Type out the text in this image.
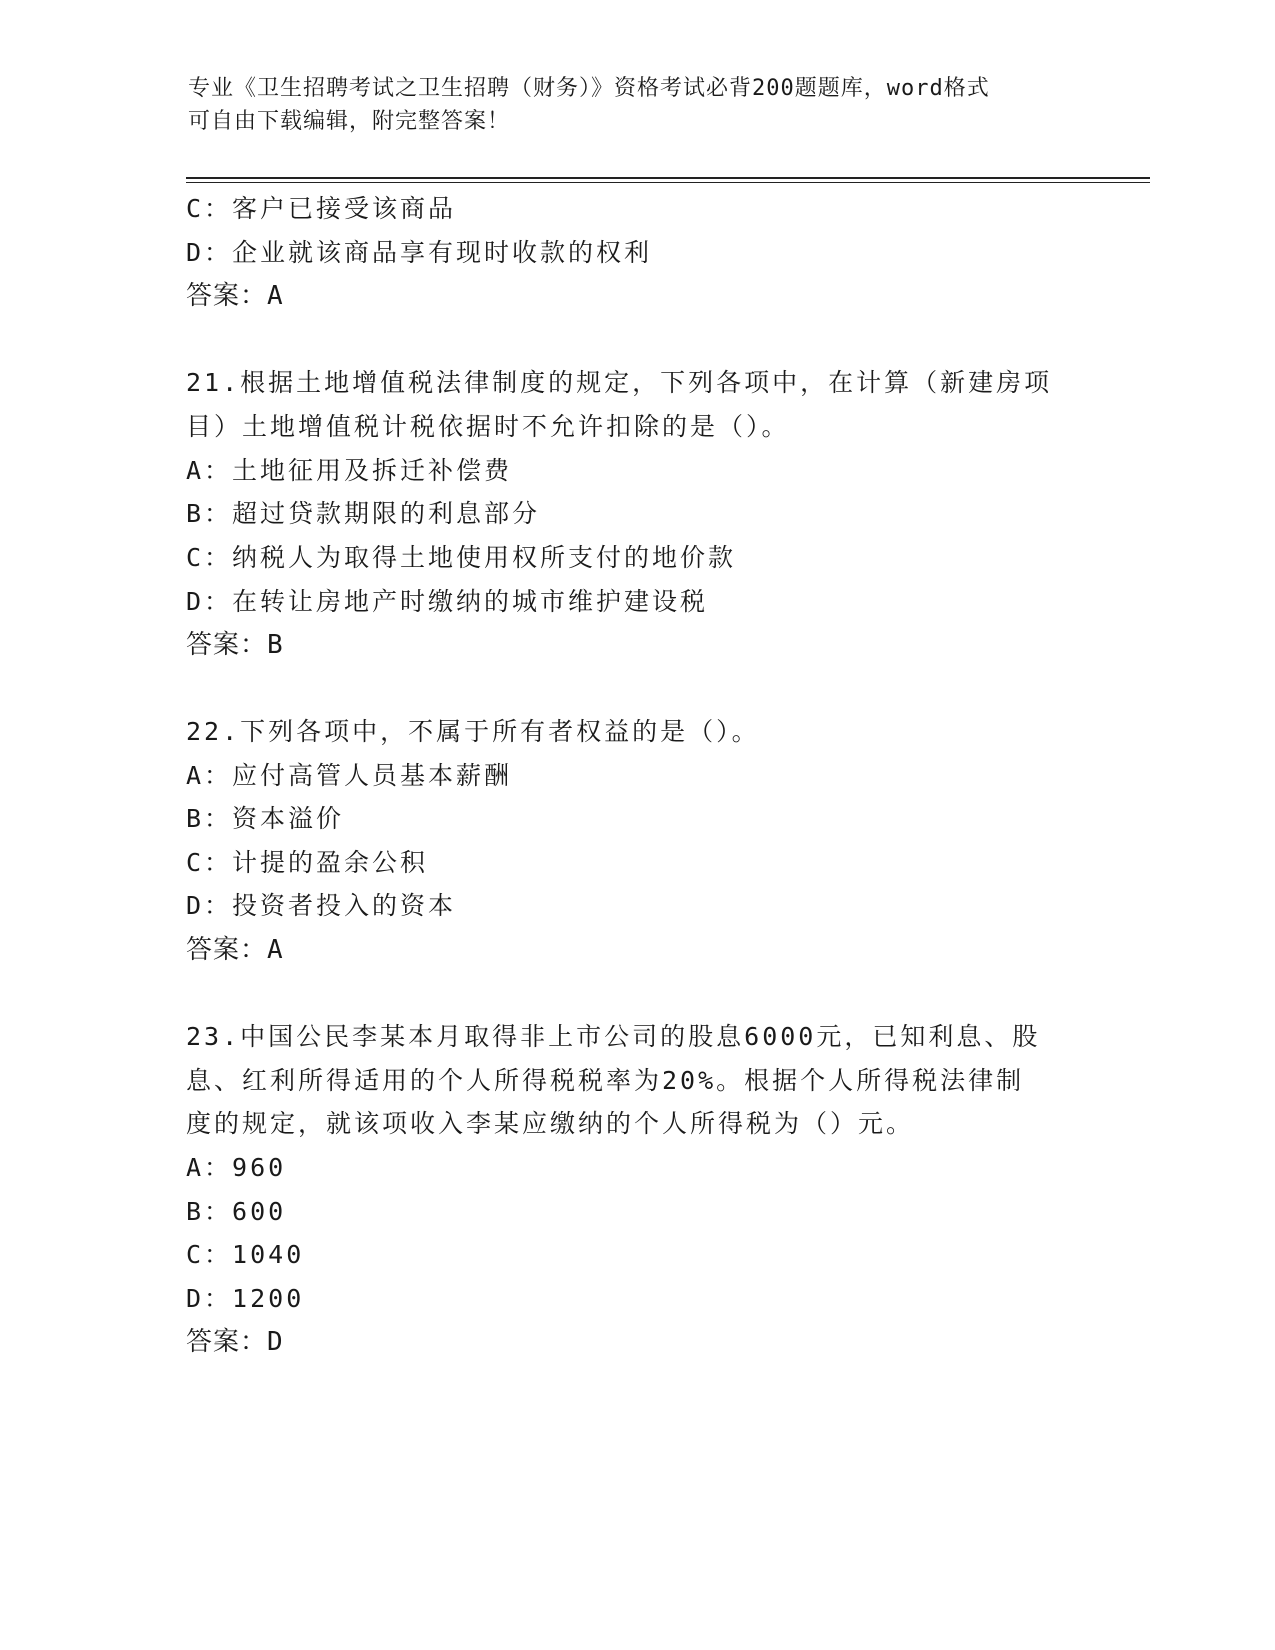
专业《卫生招聘考试之卫生招聘（财务）》资格考试必背200题题库，word格式
可自由下载编辑，附完整答案！
C：客户已接受该商品
D：企业就该商品享有现时收款的权利
答案：A
21.根据土地增值税法律制度的规定，下列各项中，在计算（新建房项
目）土地增值税计税依据时不允许扣除的是（）。
A：土地征用及拆迁补偿费
B：超过贷款期限的利息部分
C：纳税人为取得土地使用权所支付的地价款
D：在转让房地产时缴纳的城市维护建设税
答案：B
22.下列各项中，不属于所有者权益的是（）。
A：应付高管人员基本薪酬
B：资本溢价
C：计提的盈余公积
D：投资者投入的资本
答案：A
23.中国公民李某本月取得非上市公司的股息6000元，已知利息、股
息、红利所得适用的个人所得税税率为20%。根据个人所得税法律制
度的规定，就该项收入李某应缴纳的个人所得税为（）元。
A：960
B：600
C：1040
D：1200
答案：D
